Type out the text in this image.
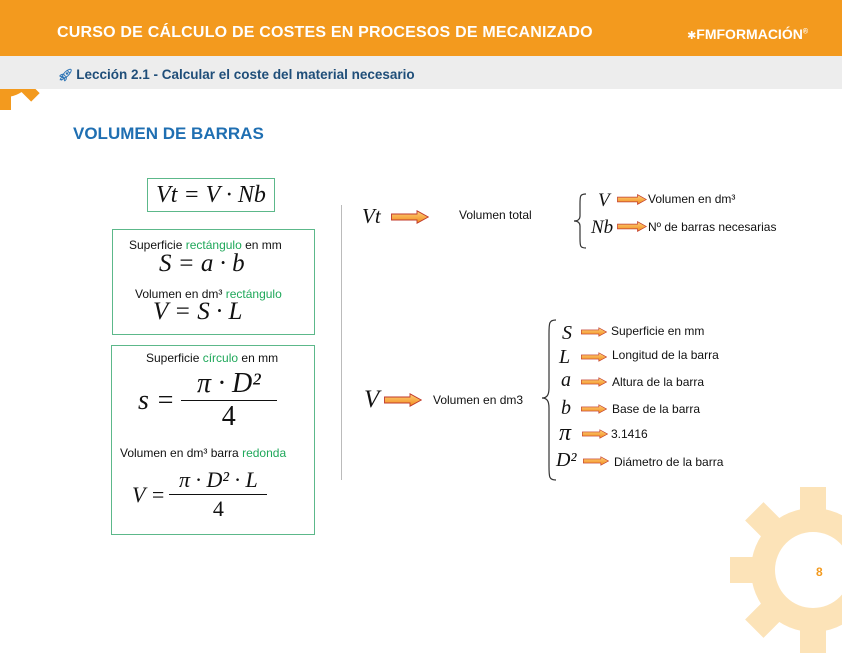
CURSO DE CÁLCULO DE COSTES EN PROCESOS DE MECANIZADO	✱FMFORMACIÓN®
🚀︎ Lección 2.1 - Calcular el coste del material necesario
VOLUMEN DE BARRAS
Vt = V · Nb
Superficie rectángulo en mm
S = a · b
Volumen en dm³ rectángulo
V = S · L
Superficie círculo en mm
$s = \frac{\text{π · D²}}{4}$
Volumen en dm³ barra redonda
$V = \frac{\text{π · D² · L}}{4}$
Vt	Volumen total
V	Volumen en dm³
Nb	Nº de barras necesarias
V	Volumen en dm3
S	Superficie en mm
L	Longitud de la barra
a	Altura de la barra
b	Base de la barra
π	3.1416
D²	Diámetro de la barra
8
